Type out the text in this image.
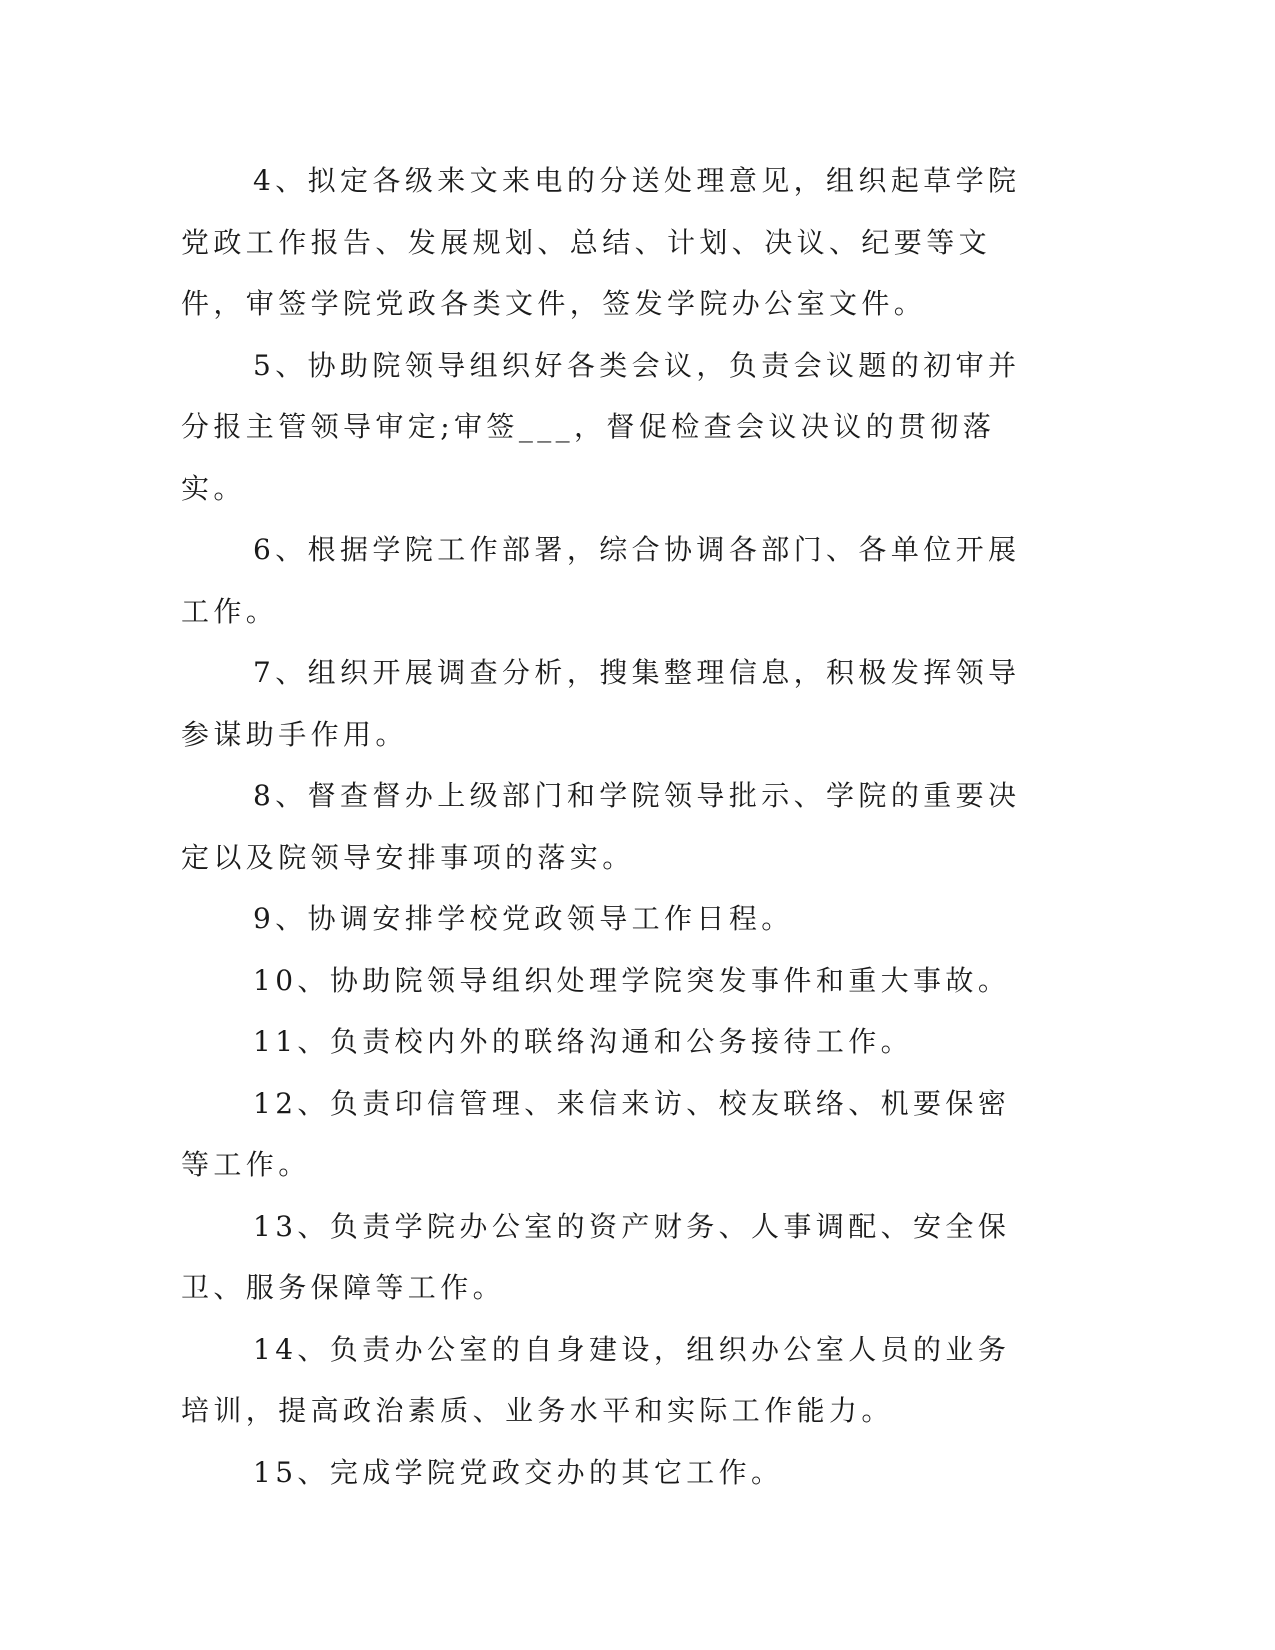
4、拟定各级来文来电的分送处理意见，组织起草学院党政工作报告、发展规划、总结、计划、决议、纪要等文件，审签学院党政各类文件，签发学院办公室文件。

5、协助院领导组织好各类会议，负责会议题的初审并分报主管领导审定;审签___，督促检查会议决议的贯彻落实。

6、根据学院工作部署，综合协调各部门、各单位开展工作。

7、组织开展调查分析，搜集整理信息，积极发挥领导参谋助手作用。

8、督查督办上级部门和学院领导批示、学院的重要决定以及院领导安排事项的落实。

9、协调安排学校党政领导工作日程。

10、协助院领导组织处理学院突发事件和重大事故。

11、负责校内外的联络沟通和公务接待工作。

12、负责印信管理、来信来访、校友联络、机要保密等工作。

13、负责学院办公室的资产财务、人事调配、安全保卫、服务保障等工作。

14、负责办公室的自身建设，组织办公室人员的业务培训，提高政治素质、业务水平和实际工作能力。

15、完成学院党政交办的其它工作。
